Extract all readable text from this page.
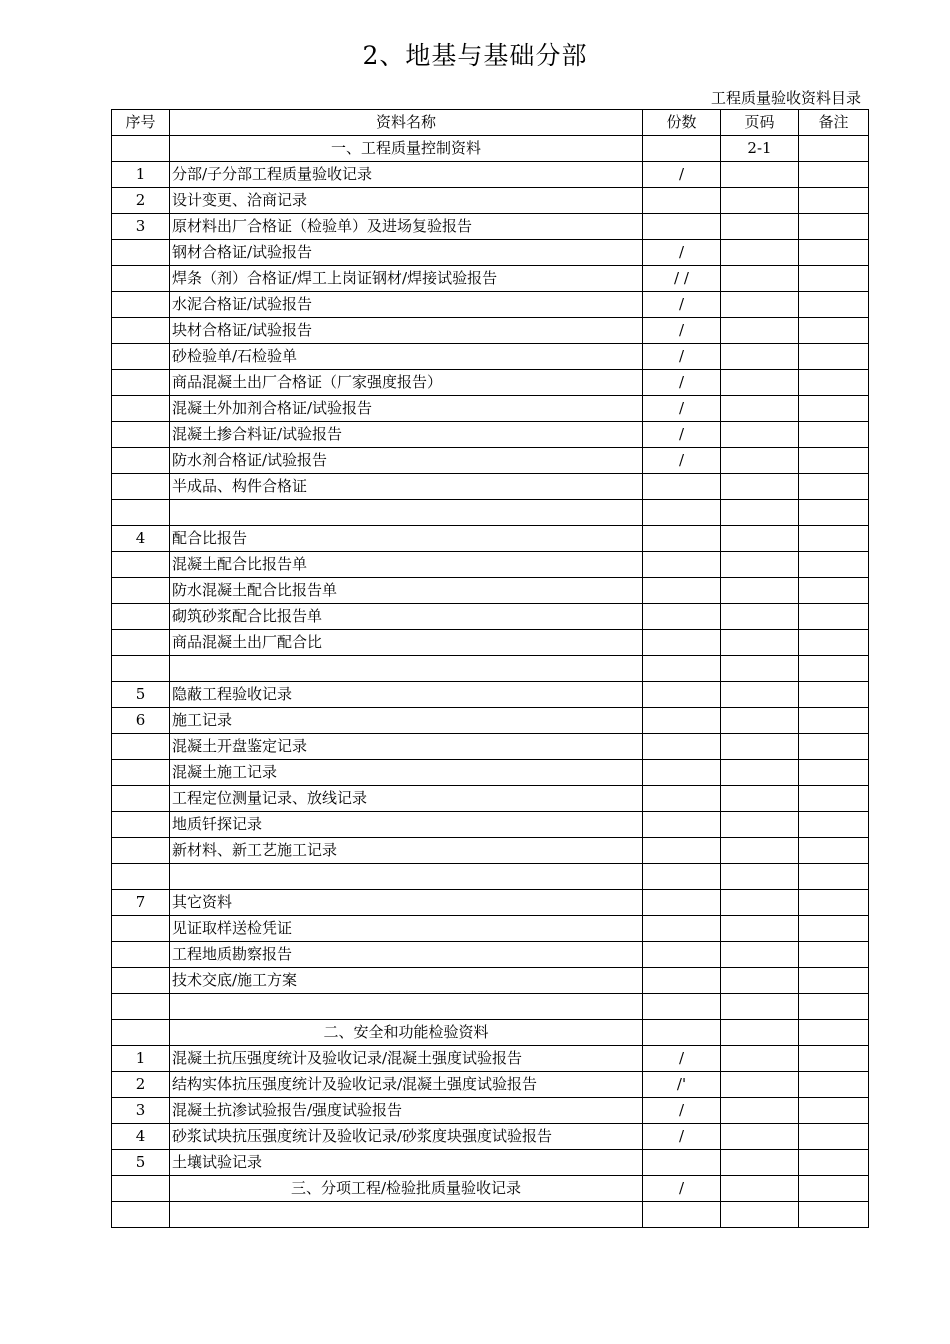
2、地基与基础分部
工程质量验收资料目录
序号	资料名称	份数	页码	备注
	一、工程质量控制资料		2-1	
1	分部/子分部工程质量验收记录	/		
2	设计变更、洽商记录			
3	原材料出厂合格证（检验单）及进场复验报告			
	钢材合格证/试验报告	/		
	焊条（剂）合格证/焊工上岗证钢材/焊接试验报告	/ /		
	水泥合格证/试验报告	/		
	块材合格证/试验报告	/		
	砂检验单/石检验单	/		
	商品混凝土出厂合格证（厂家强度报告）	/		
	混凝土外加剂合格证/试验报告	/		
	混凝土掺合料证/试验报告	/		
	防水剂合格证/试验报告	/		
	半成品、构件合格证			

4	配合比报告			
	混凝土配合比报告单			
	防水混凝土配合比报告单			
	砌筑砂浆配合比报告单			
	商品混凝土出厂配合比			

5	隐蔽工程验收记录			
6	施工记录			
	混凝土开盘鉴定记录			
	混凝土施工记录			
	工程定位测量记录、放线记录			
	地质钎探记录			
	新材料、新工艺施工记录			

7	其它资料			
	见证取样送检凭证			
	工程地质勘察报告			
	技术交底/施工方案			

	二、安全和功能检验资料			
1	混凝土抗压强度统计及验收记录/混凝土强度试验报告	/		
2	结构实体抗压强度统计及验收记录/混凝土强度试验报告	/'		
3	混凝土抗渗试验报告/强度试验报告	/		
4	砂浆试块抗压强度统计及验收记录/砂浆度块强度试验报告	/		
5	土壤试验记录			
	三、分项工程/检验批质量验收记录	/		
